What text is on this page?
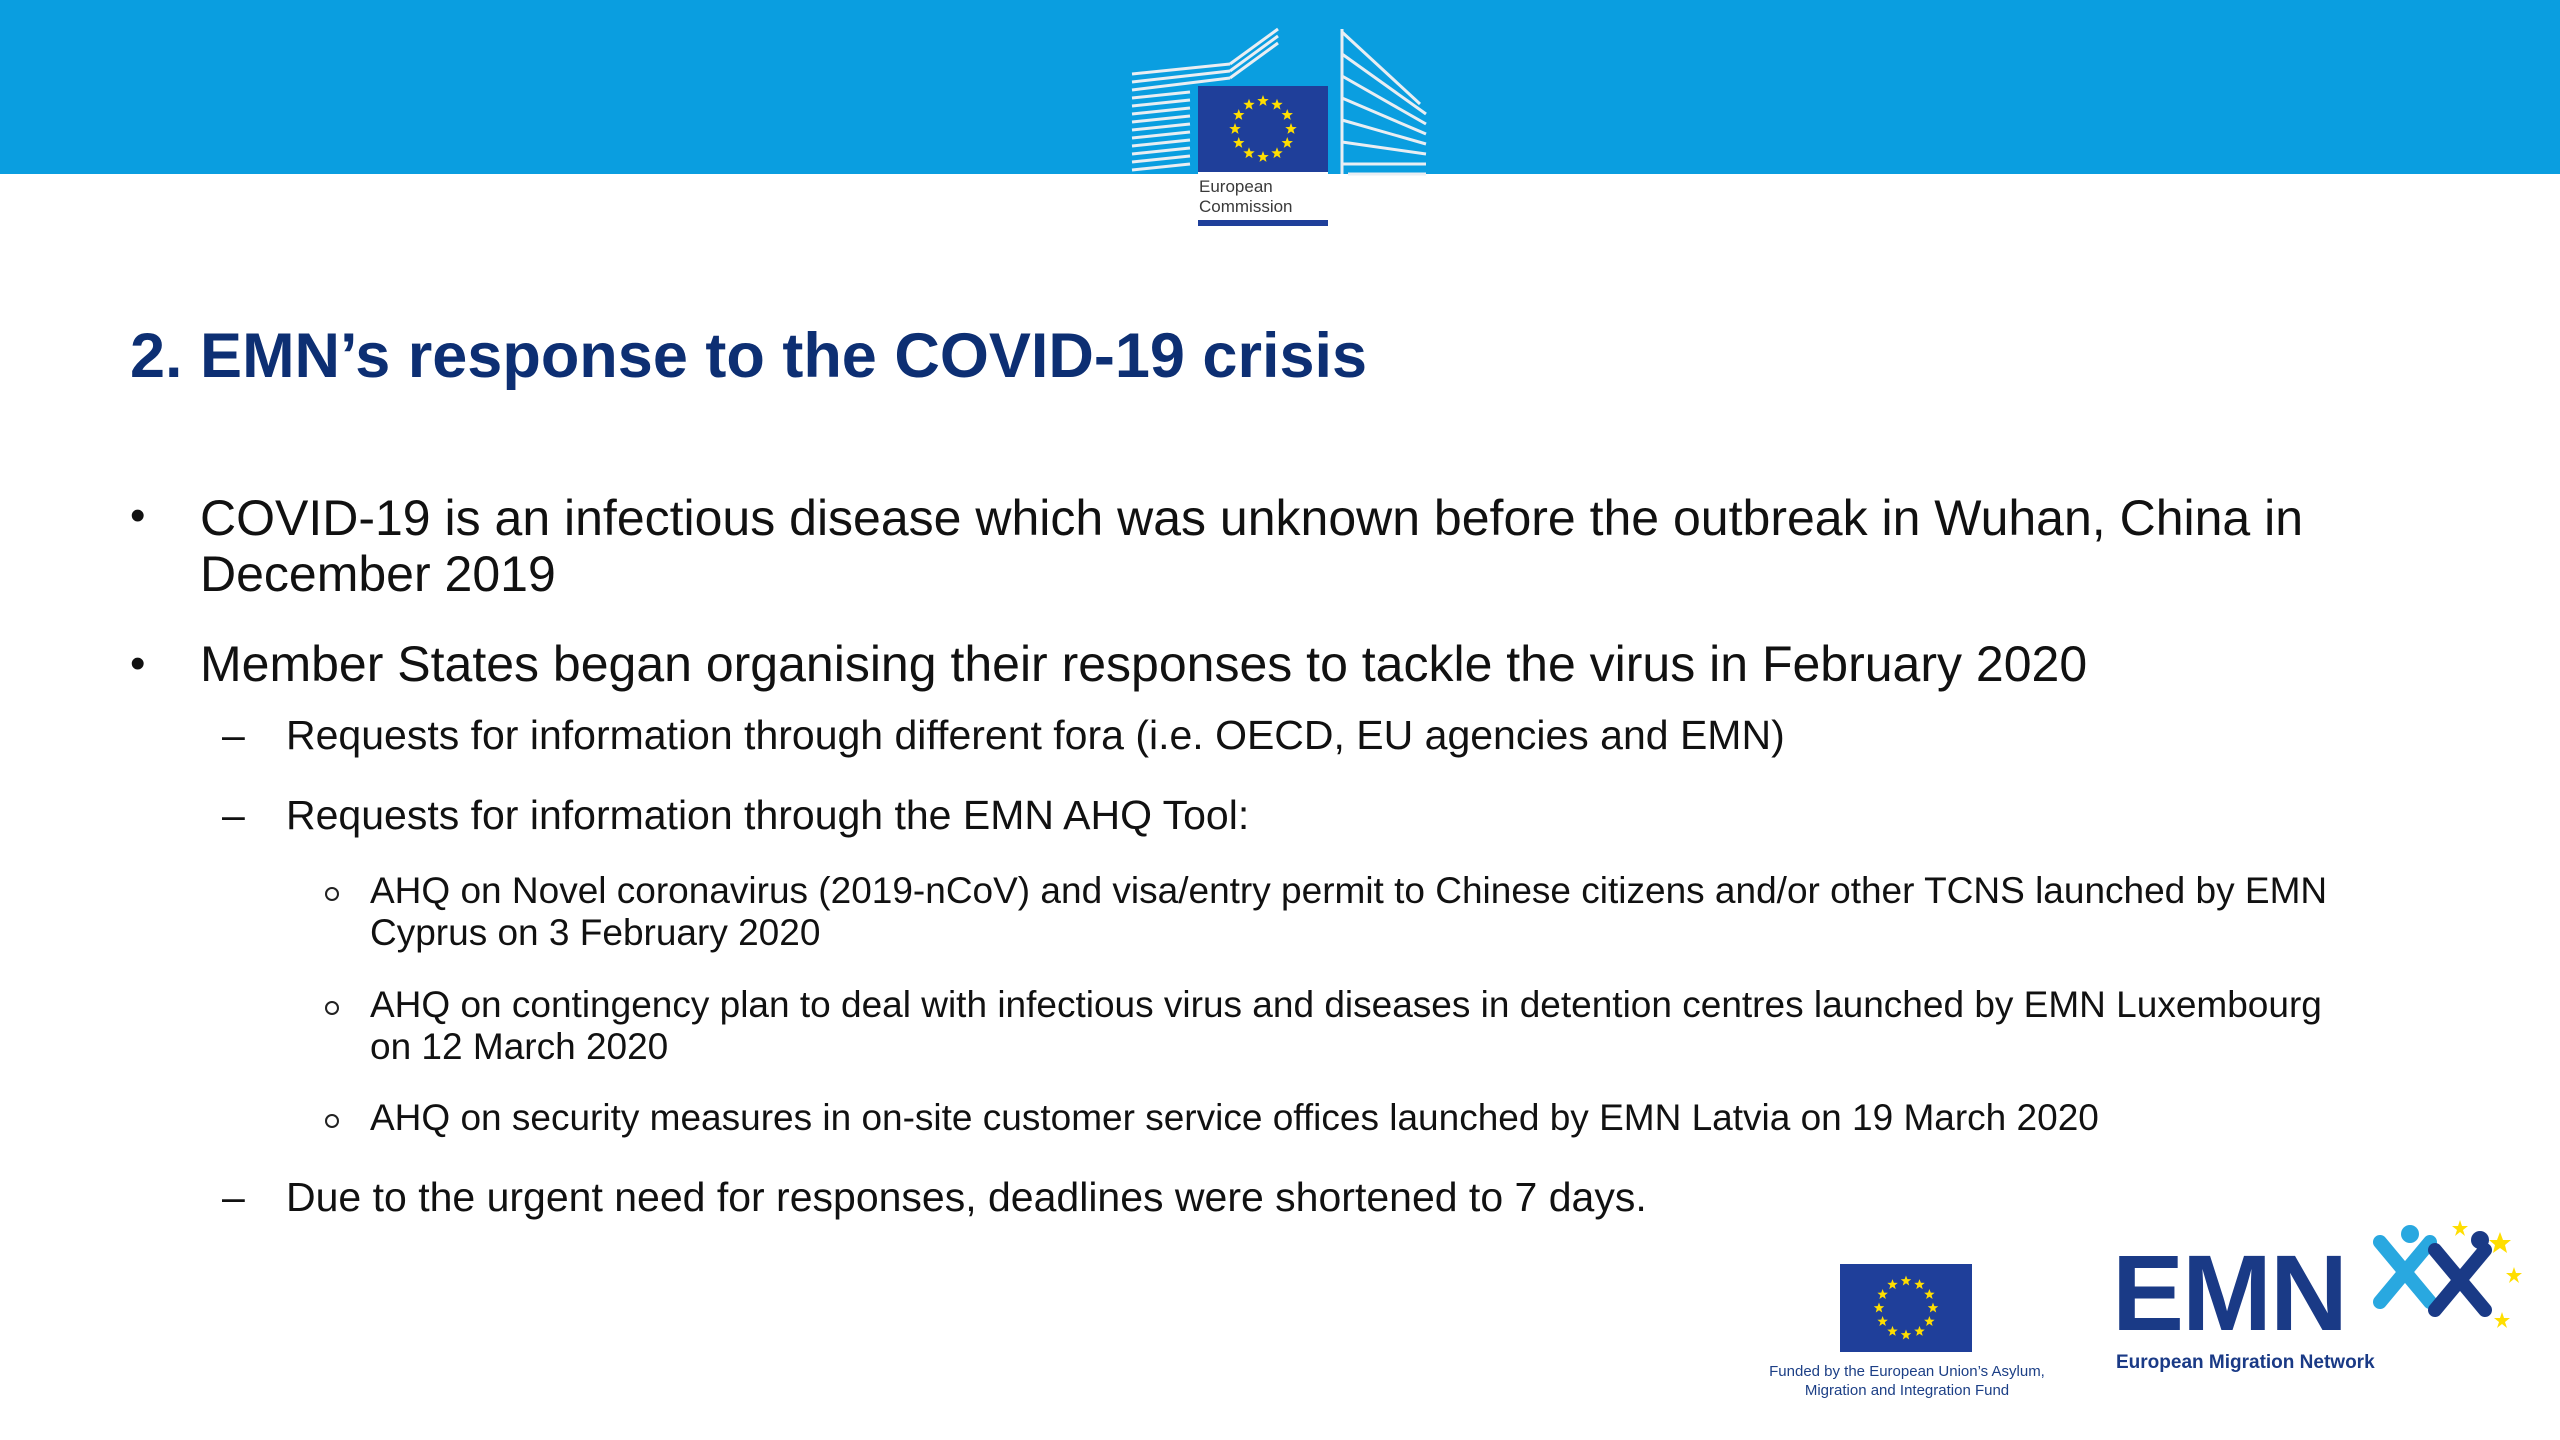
European
Commission
2. EMN’s response to the COVID-19 crisis
• COVID-19 is an infectious disease which was unknown before the outbreak in Wuhan, China in December 2019
• Member States began organising their responses to tackle the virus in February 2020
– Requests for information through different fora (i.e. OECD, EU agencies and EMN)
– Requests for information through the EMN AHQ Tool:
AHQ on Novel coronavirus (2019-nCoV) and visa/entry permit to Chinese citizens and/or other TCNS launched by EMN Cyprus on 3 February 2020
AHQ on contingency plan to deal with infectious virus and diseases in detention centres launched by EMN Luxembourg on 12 March 2020
AHQ on security measures in on-site customer service offices launched by EMN Latvia on 19 March 2020
– Due to the urgent need for responses, deadlines were shortened to 7 days.
Funded by the European Union’s Asylum,
Migration and Integration Fund
EMN
European Migration Network
